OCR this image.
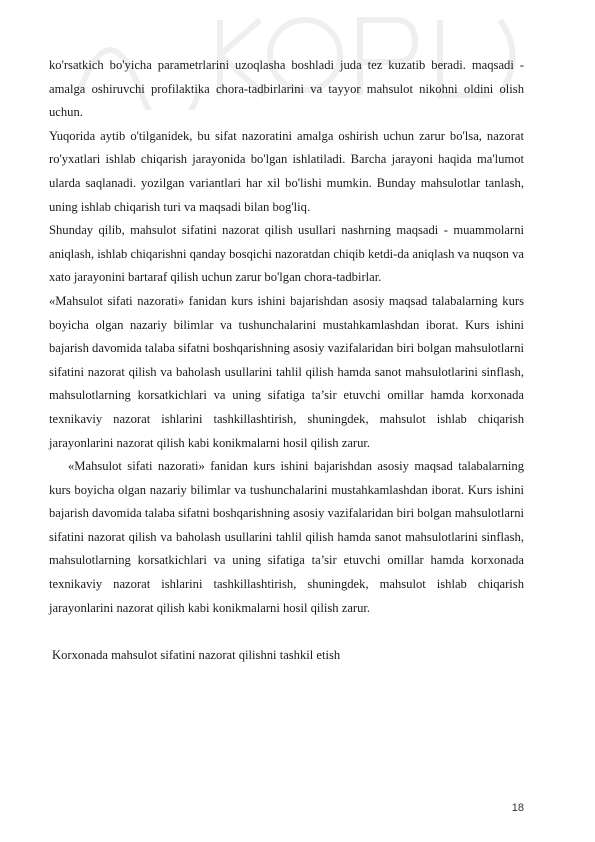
ko'rsatkich bo'yicha parametrlarini uzoqlasha boshladi juda tez kuzatib beradi. maqsadi - amalga oshiruvchi profilaktika chora-tadbirlarini va tayyor mahsulot nikohni oldini olish uchun.

Yuqorida aytib o'tilganidek, bu sifat nazoratini amalga oshirish uchun zarur bo'lsa, nazorat ro'yxatlari ishlab chiqarish jarayonida bo'lgan ishlatiladi. Barcha jarayoni haqida ma'lumot ularda saqlanadi. yozilgan variantlari har xil bo'lishi mumkin. Bunday mahsulotlar tanlash, uning ishlab chiqarish turi va maqsadi bilan bog'liq.

Shunday qilib, mahsulot sifatini nazorat qilish usullari nashrning maqsadi - muammolarni aniqlash, ishlab chiqarishni qanday bosqichi nazoratdan chiqib ketdi-da aniqlash va nuqson va xato jarayonini bartaraf qilish uchun zarur bo'lgan chora-tadbirlar.

«Mahsulot sifati nazorati» fanidan kurs ishini bajarishdan asosiy maqsad talabalarning kurs boyicha olgan nazariy bilimlar va tushunchalarini mustahkamlashdan iborat. Kurs ishini bajarish davomida talaba sifatni boshqarishning asosiy vazifalaridan biri bolgan mahsulotlarni sifatini nazorat qilish va baholash usullarini tahlil qilish hamda sanot mahsulotlarini sinflash, mahsulotlarning korsatkichlari va uning sifatiga ta’sir etuvchi omillar hamda korxonada texnikaviy nazorat ishlarini tashkillashtirish, shuningdek, mahsulot ishlab chiqarish jarayonlarini nazorat qilish kabi konikmalarni hosil qilish zarur.

«Mahsulot sifati nazorati» fanidan kurs ishini bajarishdan asosiy maqsad talabalarning kurs boyicha olgan nazariy bilimlar va tushunchalarini mustahkamlashdan iborat. Kurs ishini bajarish davomida talaba sifatni boshqarishning asosiy vazifalaridan biri bolgan mahsulotlarni sifatini nazorat qilish va baholash usullarini tahlil qilish hamda sanot mahsulotlarini sinflash, mahsulotlarning korsatkichlari va uning sifatiga ta’sir etuvchi omillar hamda korxonada texnikaviy nazorat ishlarini tashkillashtirish, shuningdek, mahsulot ishlab chiqarish jarayonlarini nazorat qilish kabi konikmalarni hosil qilish zarur.

Korxonada mahsulot sifatini nazorat qilishni tashkil etish

18
